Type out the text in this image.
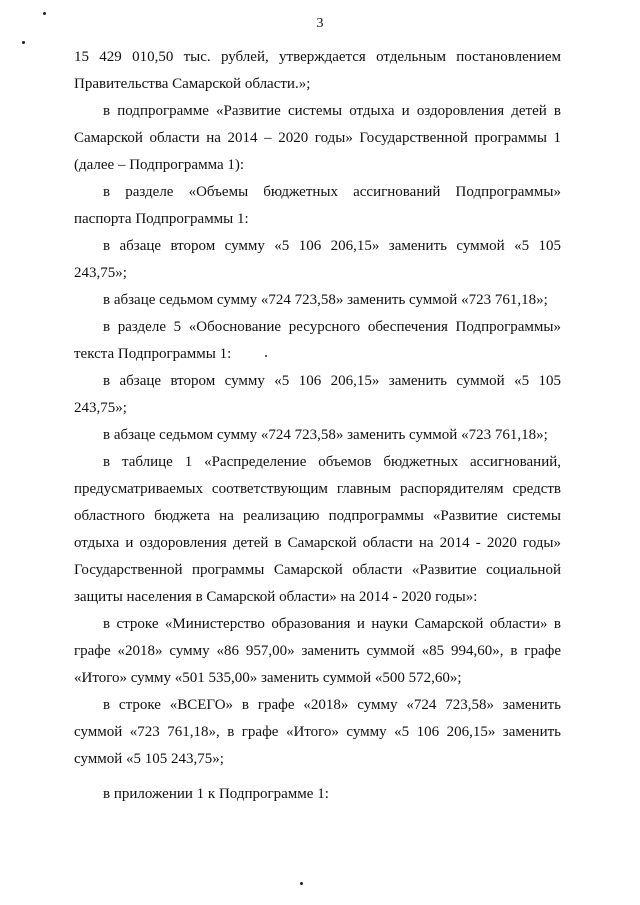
3

15 429 010,50 тыс. рублей, утверждается отдельным постановлением Правительства Самарской области.»;

в подпрограмме «Развитие системы отдыха и оздоровления детей в Самарской области на 2014 – 2020 годы» Государственной программы 1 (далее – Подпрограмма 1):

в разделе «Объемы бюджетных ассигнований Подпрограммы» паспорта Подпрограммы 1:

в абзаце втором сумму «5 106 206,15» заменить суммой «5 105 243,75»;

в абзаце седьмом сумму «724 723,58» заменить суммой «723 761,18»;

в разделе 5 «Обоснование ресурсного обеспечения Подпрограммы» текста Подпрограммы 1:

в абзаце втором сумму «5 106 206,15» заменить суммой «5 105 243,75»;

в абзаце седьмом сумму «724 723,58» заменить суммой «723 761,18»;

в таблице 1 «Распределение объемов бюджетных ассигнований, предусматриваемых соответствующим главным распорядителям средств областного бюджета на реализацию подпрограммы «Развитие системы отдыха и оздоровления детей в Самарской области на 2014 - 2020 годы» Государственной программы Самарской области «Развитие социальной защиты населения в Самарской области» на 2014 - 2020 годы»:

в строке «Министерство образования и науки Самарской области» в графе «2018» сумму «86 957,00» заменить суммой «85 994,60», в графе «Итого» сумму «501 535,00» заменить суммой «500 572,60»;

в строке «ВСЕГО» в графе «2018» сумму «724 723,58» заменить суммой «723 761,18», в графе «Итого» сумму «5 106 206,15» заменить суммой «5 105 243,75»;

в приложении 1 к Подпрограмме 1:
